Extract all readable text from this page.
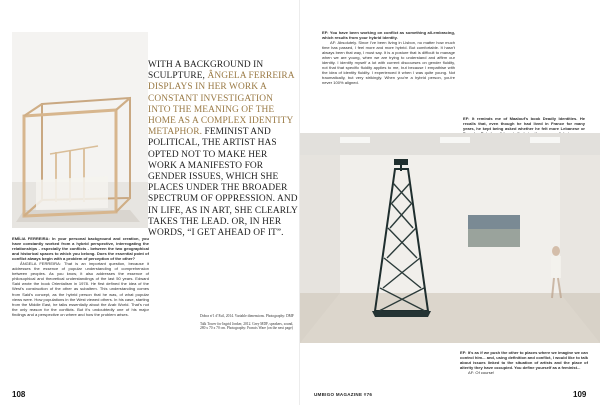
WITH A BACKGROUND IN SCULPTURE, ÂNGELA FERREIRA DISPLAYS IN HER WORK A CONSTANT INVESTIGATION INTO THE MEANING OF THE HOME AS A COMPLEX IDENTITY METAPHOR. FEMINIST AND POLITICAL, THE ARTIST HAS OPTED NOT TO MAKE HER WORK A MANIFESTO FOR GENDER ISSUES, WHICH SHE PLACES UNDER THE BROADER SPECTRUM OF OPPRESSION. AND IN LIFE, AS IN ART, SHE CLEARLY TAKES THE LEAD. OR, IN HER WORDS, “I GET AHEAD OF IT”.

Dobra nº1 d’Estl, 2014. Variable dimensions. Photography: DMF

Talk Tower for Ingrid Jonker, 2012. Grey MDF, speakers, sound, 280 x 70 x 70 cm. Photography: Francis Ware (on the next page)

EMÍLIA FERREIRA: In your personal background and creation, you have constantly worked from a hybrid perspective, interrogating the relationships - especially the conflicts - between the two geographical and historical spaces to which you belong. Does the essential point of conflict always begin with a problem of perception of the other?

ÂNGELA FERREIRA: That is an important question, because it addresses the essence of popular understanding of comprehension between peoples. As you know, it also addresses the essence of philosophical and theoretical understandings of the last 50 years. Edward Said wrote the book Orientalism in 1978. He first defined the idea of the West's construction of the other as subaltern. This understanding comes from Said's concept, as the hybrid person that he was, of what popular views were. How populations in the West viewed others. In his case, starting from the Middle East, he talks essentially about the Arab World. That's not the only reason for the conflicts. But it's undoubtedly one of his major findings and a perspective on where and how the problem arises.

108

EF: You have been working on conflict as something all-embracing, which results from your hybrid identity.

AF: Absolutely. Since I've been living in Lisbon, no matter how much time has passed, I feel more and more hybrid. But comfortable. It hasn't always been that way, I must say. It is a posture that is difficult to manage when we are young, when we are trying to understand and affirm our identity. I identify myself a lot with current discourses on gender fluidity, not that that specific fluidity applies to me, but because I empathise with the idea of identity fluidity. I experienced it when I was quite young. Not traumatically, but very strikingly. When you're a hybrid person, you're never 100% aligned.

EF: It reminds me of Maalouf's book Deadly Identities. He recalls that, even though he had lived in France for many years, he kept being asked whether he felt more Lebanese or

EF: It's as if we push the other to places where we imagine we can control him... and, using definition and conflict, I would like to talk about issues linked to the situation of artists and the place of alterity they have occupied. You define yourself as a feminist...

AF: Of course!

UMBIGO MAGAZINE #76	109
